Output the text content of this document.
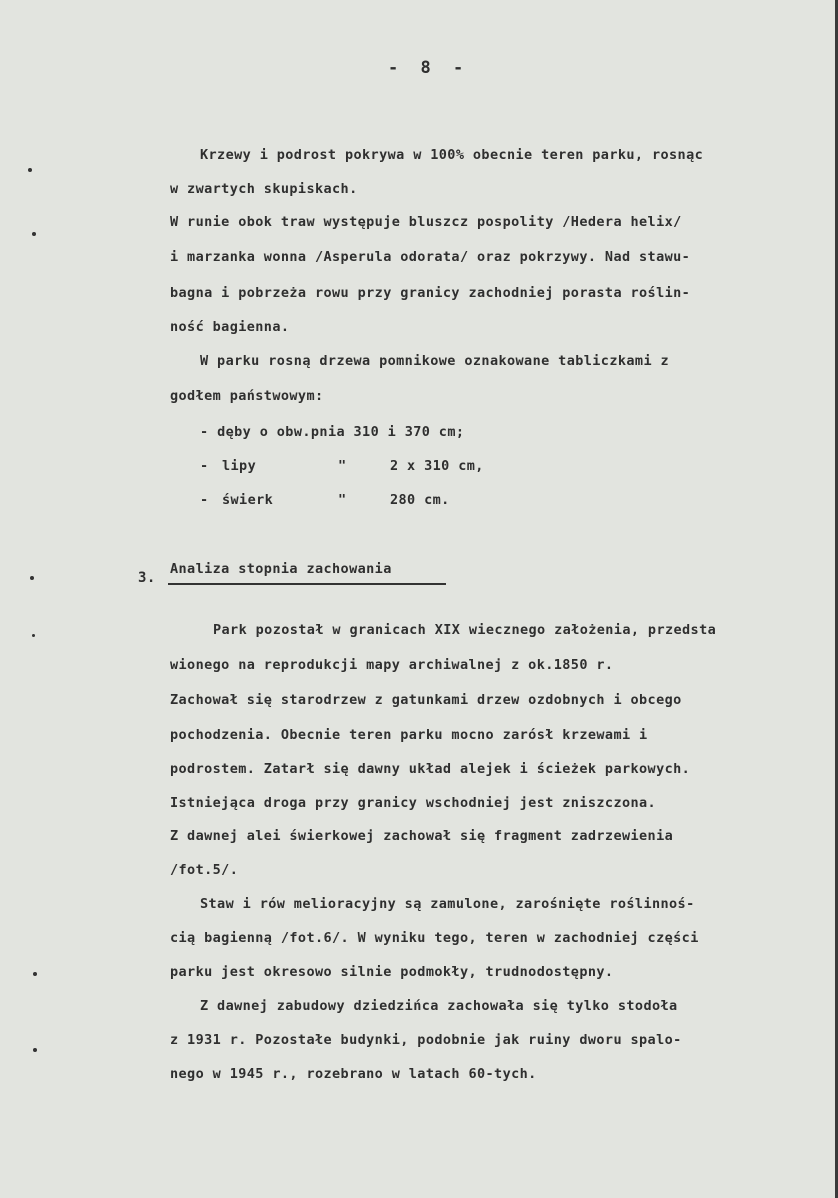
- 8 -
Krzewy i podrost pokrywa w 100% obecnie teren parku, rosnąc
w zwartych skupiskach.
W runie obok traw występuje bluszcz pospolity /Hedera helix/
i marzanka wonna /Asperula odorata/ oraz pokrzywy. Nad stawu-
bagna i pobrzeża rowu przy granicy zachodniej porasta roślin-
ność bagienna.
W parku rosną drzewa pomnikowe oznakowane tabliczkami z
godłem państwowym:
- dęby o obw.pnia 310 i 370 cm;
- lipy	"	2 x 310 cm,
- świerk	"	280 cm.
3.
Analiza stopnia zachowania
Park pozostał w granicach XIX wiecznego założenia, przedsta
wionego na reprodukcji mapy archiwalnej z ok.1850 r.
Zachował się starodrzew z gatunkami drzew ozdobnych i obcego
pochodzenia. Obecnie teren parku mocno zarósł krzewami i
podrostem. Zatarł się dawny układ alejek i ścieżek parkowych.
Istniejąca droga przy granicy wschodniej jest zniszczona.
Z dawnej alei świerkowej zachował się fragment zadrzewienia
/fot.5/.
Staw i rów melioracyjny są zamulone, zarośnięte roślinnoś-
cią bagienną /fot.6/. W wyniku tego, teren w zachodniej części
parku jest okresowo silnie podmokły, trudnodostępny.
Z dawnej zabudowy dziedzińca zachowała się tylko stodoła
z 1931 r. Pozostałe budynki, podobnie jak ruiny dworu spalo-
nego w 1945 r., rozebrano w latach 60-tych.
